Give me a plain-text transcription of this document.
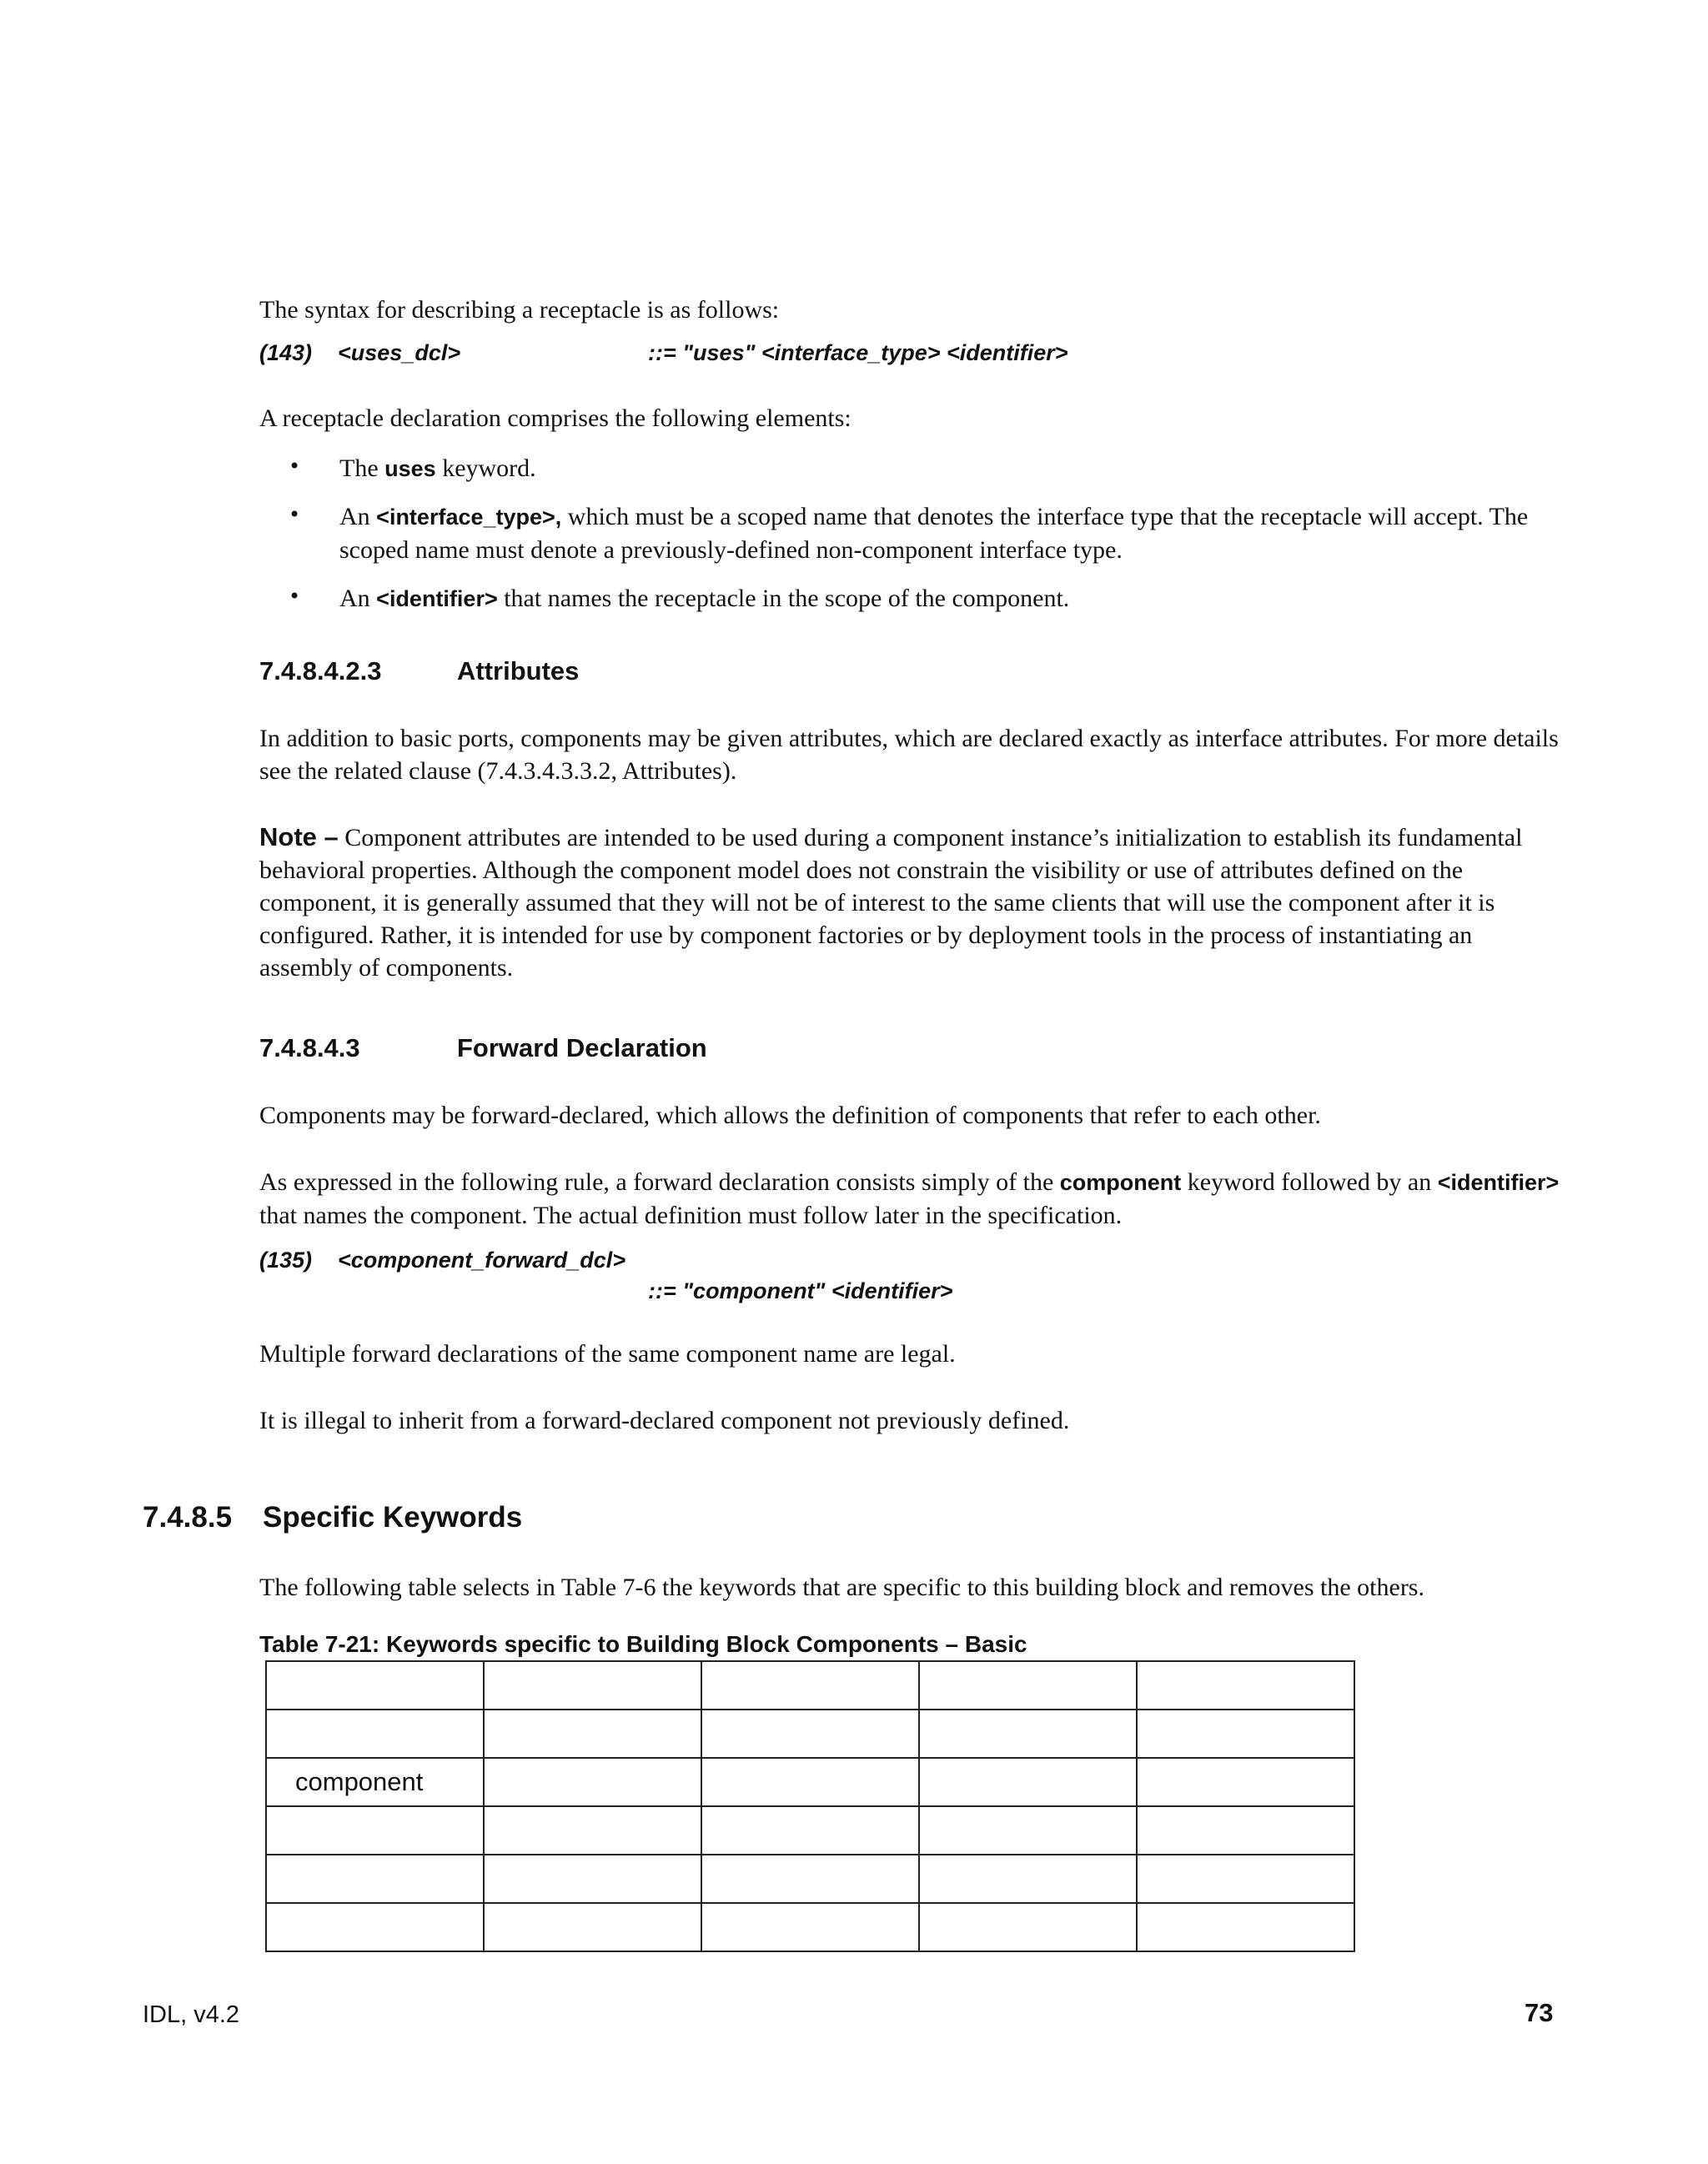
The syntax for describing a receptacle is as follows:
(143) <uses_dcl>	::= "uses" <interface_type> <identifier>
A receptacle declaration comprises the following elements:
• The uses keyword.
• An <interface_type>, which must be a scoped name that denotes the interface type that the receptacle will accept. The scoped name must denote a previously-defined non-component interface type.
• An <identifier> that names the receptacle in the scope of the component.
7.4.8.4.2.3	Attributes
In addition to basic ports, components may be given attributes, which are declared exactly as interface attributes. For more details see the related clause (7.4.3.4.3.3.2, Attributes).
Note – Component attributes are intended to be used during a component instance’s initialization to establish its fundamental behavioral properties. Although the component model does not constrain the visibility or use of attributes defined on the component, it is generally assumed that they will not be of interest to the same clients that will use the component after it is configured. Rather, it is intended for use by component factories or by deployment tools in the process of instantiating an assembly of components.
7.4.8.4.3	Forward Declaration
Components may be forward-declared, which allows the definition of components that refer to each other.
As expressed in the following rule, a forward declaration consists simply of the component keyword followed by an <identifier> that names the component. The actual definition must follow later in the specification.
(135) <component_forward_dcl>
::= "component" <identifier>
Multiple forward declarations of the same component name are legal.
It is illegal to inherit from a forward-declared component not previously defined.
7.4.8.5 Specific Keywords
The following table selects in Table 7-6 the keywords that are specific to this building block and removes the others.
Table 7-21: Keywords specific to Building Block Components – Basic

component				

IDL, v4.2	73
